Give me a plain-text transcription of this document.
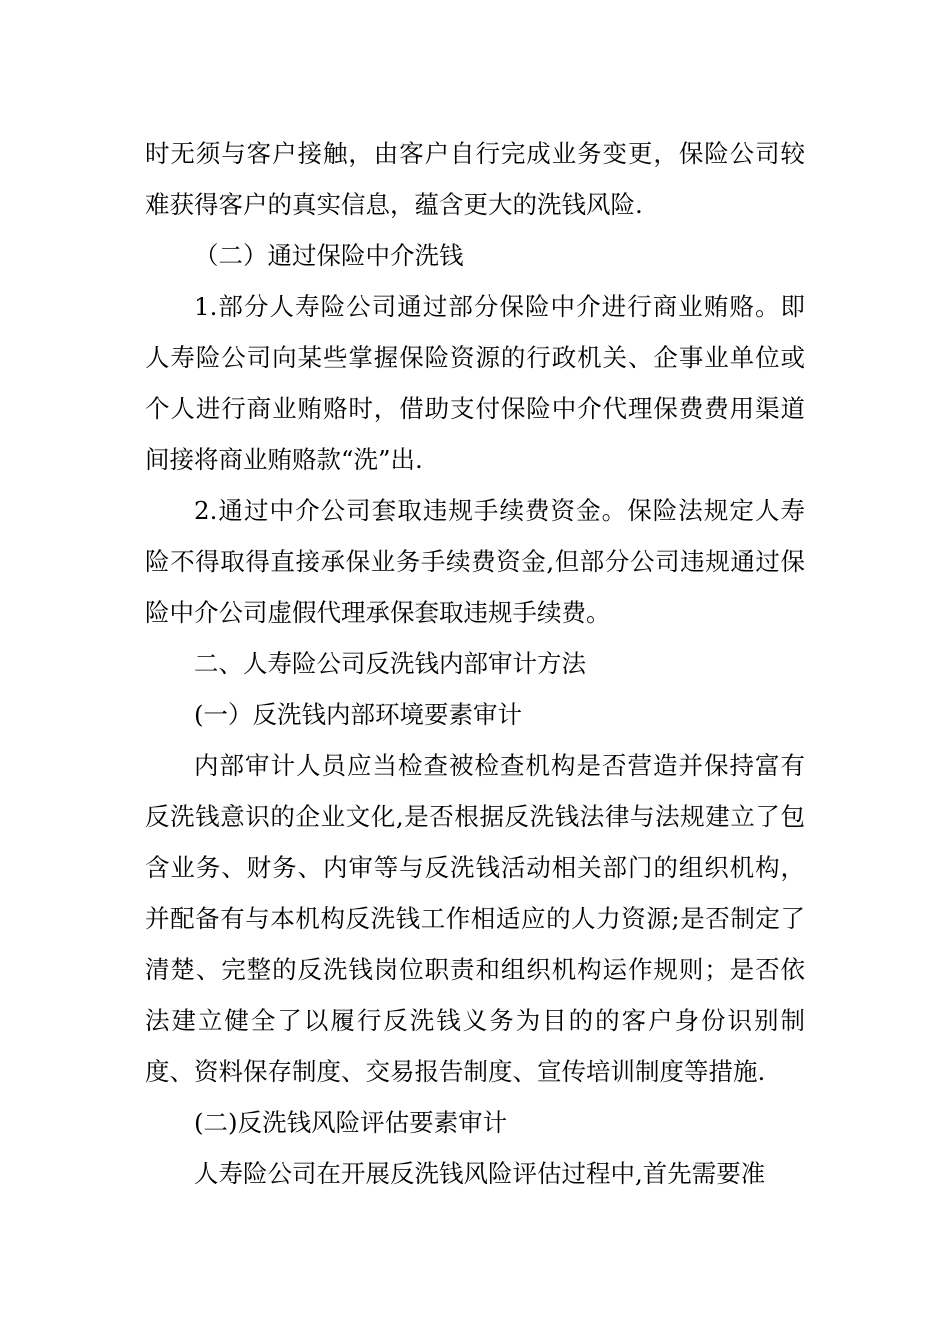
时无须与客户接触，由客户自行完成业务变更，保险公司较难获得客户的真实信息，蕴含更大的洗钱风险.

（二）通过保险中介洗钱

1.部分人寿险公司通过部分保险中介进行商业贿赂。即人寿险公司向某些掌握保险资源的行政机关、企事业单位或个人进行商业贿赂时，借助支付保险中介代理保费费用渠道间接将商业贿赂款“洗”出.

2.通过中介公司套取违规手续费资金。保险法规定人寿险不得取得直接承保业务手续费资金,但部分公司违规通过保险中介公司虚假代理承保套取违规手续费。

二、人寿险公司反洗钱内部审计方法

(一）反洗钱内部环境要素审计

内部审计人员应当检查被检查机构是否营造并保持富有反洗钱意识的企业文化,是否根据反洗钱法律与法规建立了包含业务、财务、内审等与反洗钱活动相关部门的组织机构，并配备有与本机构反洗钱工作相适应的人力资源;是否制定了清楚、完整的反洗钱岗位职责和组织机构运作规则；是否依法建立健全了以履行反洗钱义务为目的的客户身份识别制度、资料保存制度、交易报告制度、宣传培训制度等措施.

(二)反洗钱风险评估要素审计

人寿险公司在开展反洗钱风险评估过程中,首先需要准
